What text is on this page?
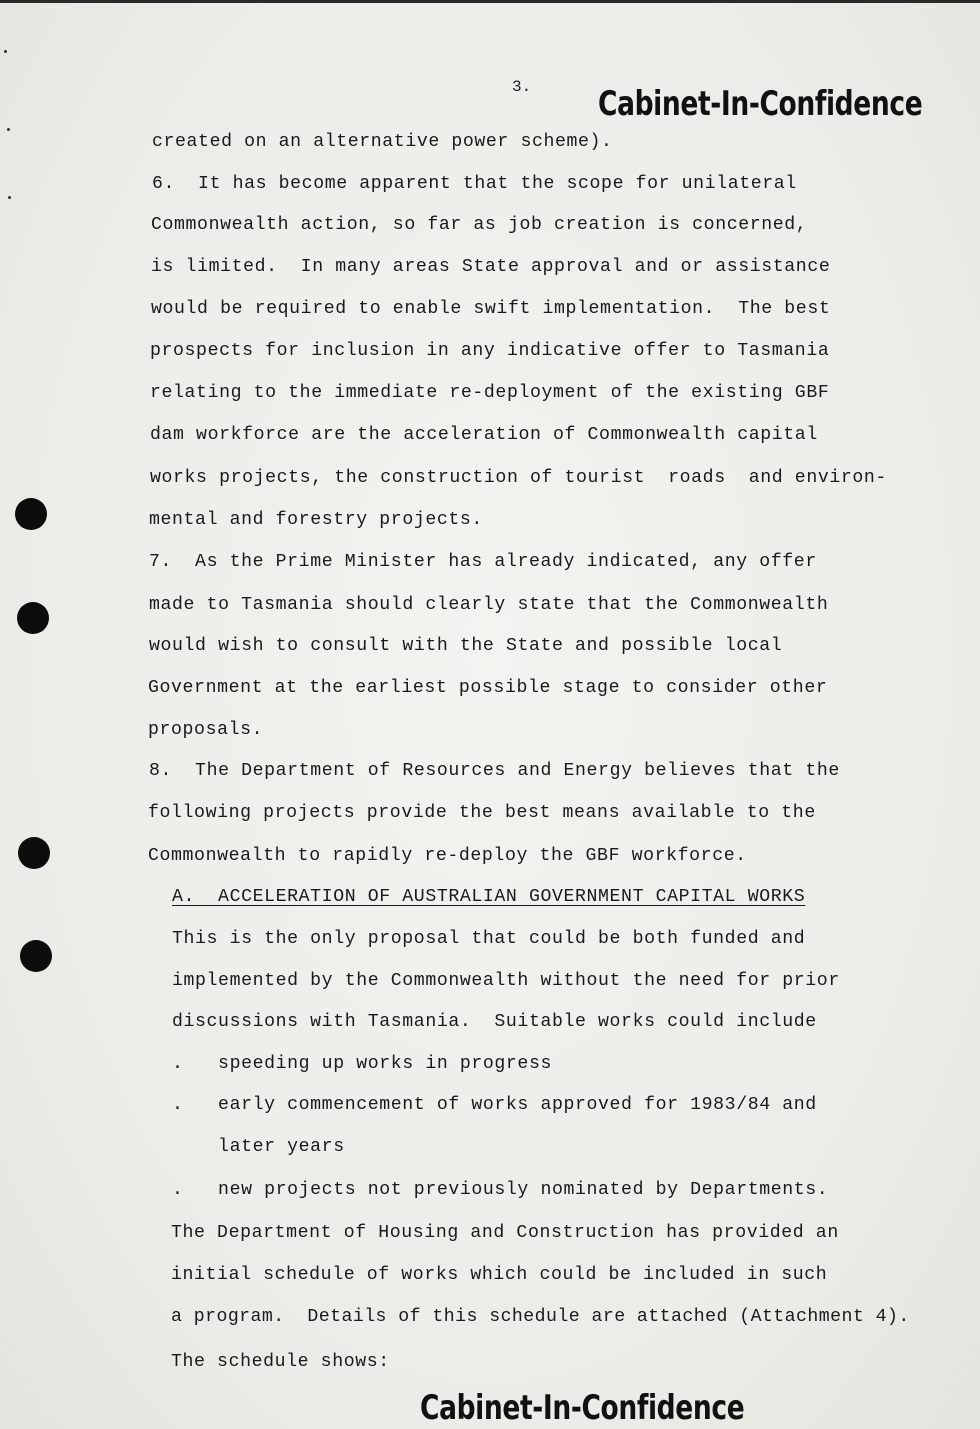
3. Cabinet-In-Confidence
created on an alternative power scheme).
6.  It has become apparent that the scope for unilateral
Commonwealth action, so far as job creation is concerned,
is limited.  In many areas State approval and or assistance
would be required to enable swift implementation.  The best
prospects for inclusion in any indicative offer to Tasmania
relating to the immediate re-deployment of the existing GBF
dam workforce are the acceleration of Commonwealth capital
works projects, the construction of tourist  roads  and environ-
mental and forestry projects.
7.  As the Prime Minister has already indicated, any offer
made to Tasmania should clearly state that the Commonwealth
would wish to consult with the State and possible local
Government at the earliest possible stage to consider other
proposals.
8.  The Department of Resources and Energy believes that the
following projects provide the best means available to the
Commonwealth to rapidly re-deploy the GBF workforce.
A.  ACCELERATION OF AUSTRALIAN GOVERNMENT CAPITAL WORKS
This is the only proposal that could be both funded and
implemented by the Commonwealth without the need for prior
discussions with Tasmania.  Suitable works could include
.   speeding up works in progress
.   early commencement of works approved for 1983/84 and
later years
.   new projects not previously nominated by Departments.
The Department of Housing and Construction has provided an
initial schedule of works which could be included in such
a program.  Details of this schedule are attached (Attachment 4).
The schedule shows:
Cabinet-In-Confidence
